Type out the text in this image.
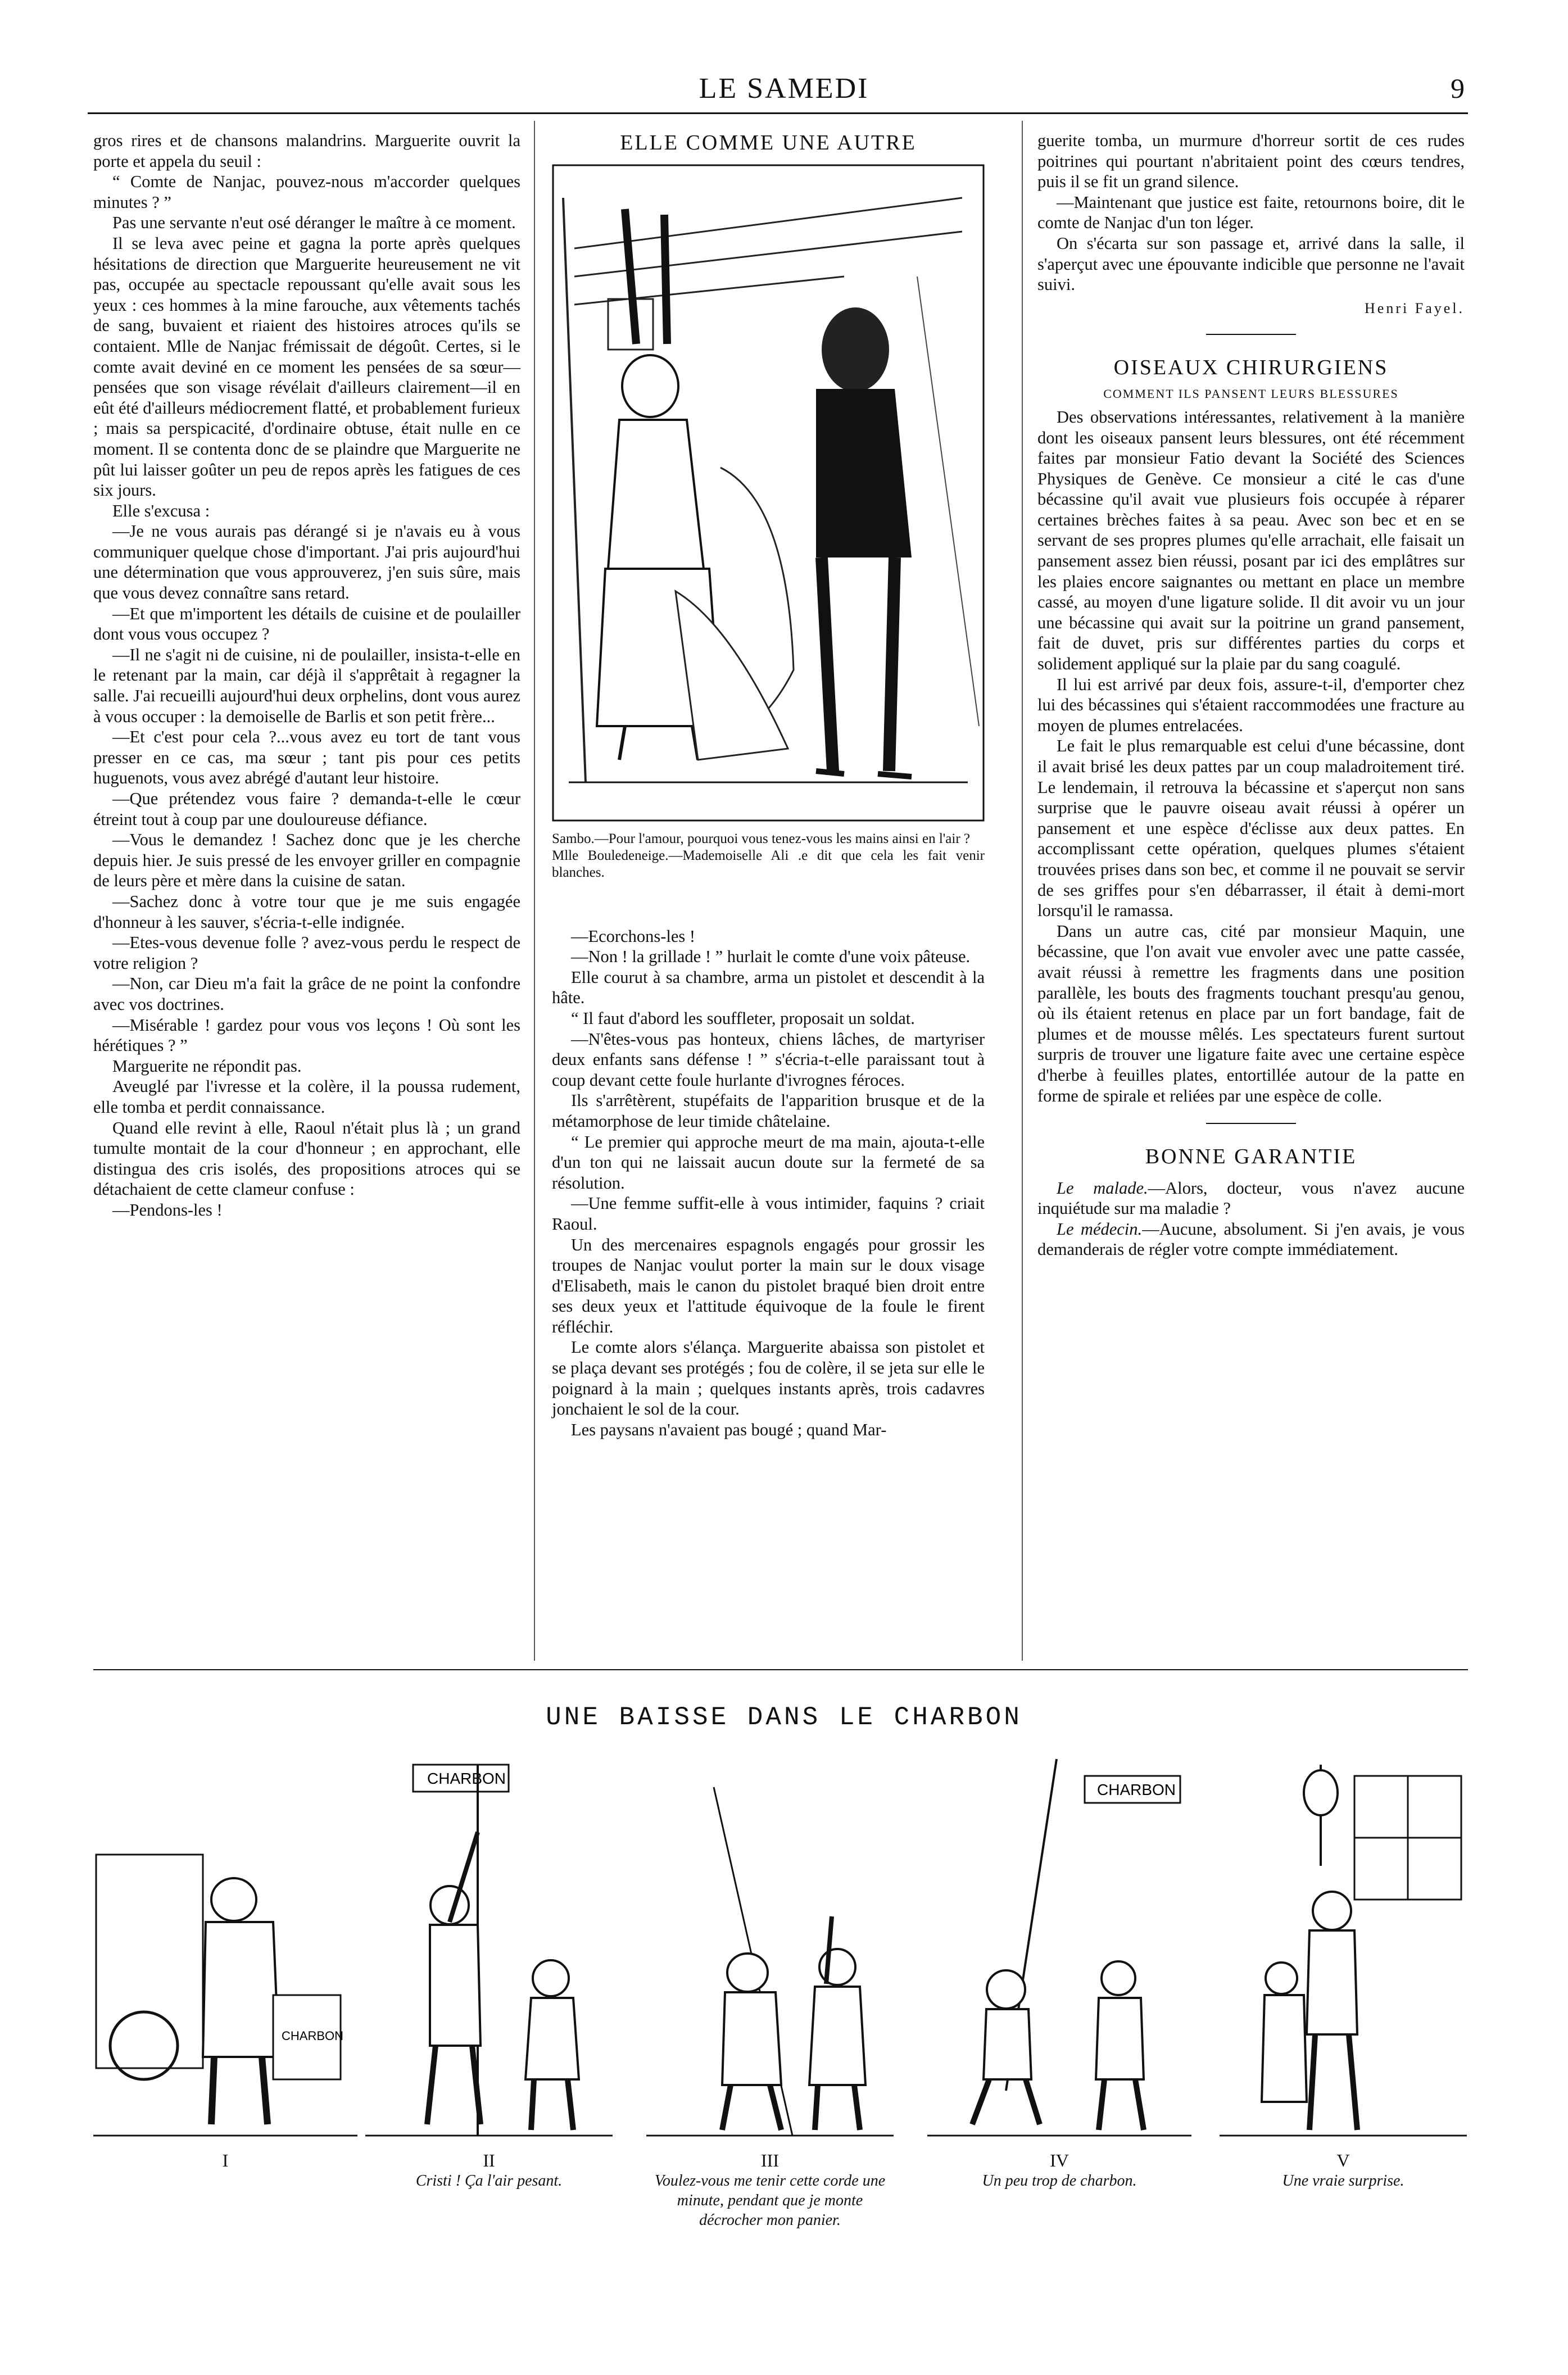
LE SAMEDI	9

gros rires et de chansons malandrins. Marguerite ouvrit la porte et appela du seuil :

“ Comte de Nanjac, pouvez-nous m'accorder quelques minutes ? ”

Pas une servante n'eut osé déranger le maître à ce moment.

Il se leva avec peine et gagna la porte après quelques hésitations de direction que Marguerite heureusement ne vit pas, occupée au spectacle repoussant qu'elle avait sous les yeux : ces hommes à la mine farouche, aux vêtements tachés de sang, buvaient et riaient des histoires atroces qu'ils se contaient. Mlle de Nanjac frémissait de dégoût. Certes, si le comte avait deviné en ce moment les pensées de sa sœur—pensées que son visage révélait d'ailleurs clairement—il en eût été d'ailleurs médiocrement flatté, et probablement furieux ; mais sa perspicacité, d'ordinaire obtuse, était nulle en ce moment. Il se contenta donc de se plaindre que Marguerite ne pût lui laisser goûter un peu de repos après les fatigues de ces six jours.

Elle s'excusa :

—Je ne vous aurais pas dérangé si je n'avais eu à vous communiquer quelque chose d'important. J'ai pris aujourd'hui une détermination que vous approuverez, j'en suis sûre, mais que vous devez connaître sans retard.

—Et que m'importent les détails de cuisine et de poulailler dont vous vous occupez ?

—Il ne s'agit ni de cuisine, ni de poulailler, insista-t-elle en le retenant par la main, car déjà il s'apprêtait à regagner la salle. J'ai recueilli aujourd'hui deux orphelins, dont vous aurez à vous occuper : la demoiselle de Barlis et son petit frère...

—Et c'est pour cela ?...vous avez eu tort de tant vous presser en ce cas, ma sœur ; tant pis pour ces petits huguenots, vous avez abrégé d'autant leur histoire.

—Que prétendez vous faire ? demanda-t-elle le cœur étreint tout à coup par une douloureuse défiance.

—Vous le demandez ! Sachez donc que je les cherche depuis hier. Je suis pressé de les envoyer griller en compagnie de leurs père et mère dans la cuisine de satan.

—Sachez donc à votre tour que je me suis engagée d'honneur à les sauver, s'écria-t-elle indignée.

—Etes-vous devenue folle ? avez-vous perdu le respect de votre religion ?

—Non, car Dieu m'a fait la grâce de ne point la confondre avec vos doctrines.

—Misérable ! gardez pour vous vos leçons ! Où sont les hérétiques ? ”

Marguerite ne répondit pas.

Aveuglé par l'ivresse et la colère, il la poussa rudement, elle tomba et perdit connaissance.

Quand elle revint à elle, Raoul n'était plus là ; un grand tumulte montait de la cour d'honneur ; en approchant, elle distingua des cris isolés, des propositions atroces qui se détachaient de cette clameur confuse :

—Pendons-les !

ELLE COMME UNE AUTRE

Sambo.—Pour l'amour, pourquoi vous tenez-vous les mains ainsi en l'air ?

Mlle Bouledeneige.—Mademoiselle Ali .e dit que cela les fait venir blanches.

—Ecorchons-les !

—Non ! la grillade ! ” hurlait le comte d'une voix pâteuse.

Elle courut à sa chambre, arma un pistolet et descendit à la hâte.

“ Il faut d'abord les souffleter, proposait un soldat.

—N'êtes-vous pas honteux, chiens lâches, de martyriser deux enfants sans défense ! ” s'écria-t-elle paraissant tout à coup devant cette foule hurlante d'ivrognes féroces.

Ils s'arrêtèrent, stupéfaits de l'apparition brusque et de la métamorphose de leur timide châtelaine.

“ Le premier qui approche meurt de ma main, ajouta-t-elle d'un ton qui ne laissait aucun doute sur la fermeté de sa résolution.

—Une femme suffit-elle à vous intimider, faquins ? criait Raoul.

Un des mercenaires espagnols engagés pour grossir les troupes de Nanjac voulut porter la main sur le doux visage d'Elisabeth, mais le canon du pistolet braqué bien droit entre ses deux yeux et l'attitude équivoque de la foule le firent réfléchir.

Le comte alors s'élança. Marguerite abaissa son pistolet et se plaça devant ses protégés ; fou de colère, il se jeta sur elle le poignard à la main ; quelques instants après, trois cadavres jonchaient le sol de la cour.

Les paysans n'avaient pas bougé ; quand Mar-

guerite tomba, un murmure d'horreur sortit de ces rudes poitrines qui pourtant n'abritaient point des cœurs tendres, puis il se fit un grand silence.

—Maintenant que justice est faite, retournons boire, dit le comte de Nanjac d'un ton léger.

On s'écarta sur son passage et, arrivé dans la salle, il s'aperçut avec une épouvante indicible que personne ne l'avait suivi.

Henri Fayel.
OISEAUX CHIRURGIENS
COMMENT ILS PANSENT LEURS BLESSURES

Des observations intéressantes, relativement à la manière dont les oiseaux pansent leurs blessures, ont été récemment faites par monsieur Fatio devant la Société des Sciences Physiques de Genève. Ce monsieur a cité le cas d'une bécassine qu'il avait vue plusieurs fois occupée à réparer certaines brèches faites à sa peau. Avec son bec et en se servant de ses propres plumes qu'elle arrachait, elle faisait un pansement assez bien réussi, posant par ici des emplâtres sur les plaies encore saignantes ou mettant en place un membre cassé, au moyen d'une ligature solide. Il dit avoir vu un jour une bécassine qui avait sur la poitrine un grand pansement, fait de duvet, pris sur différentes parties du corps et solidement appliqué sur la plaie par du sang coagulé.

Il lui est arrivé par deux fois, assure-t-il, d'emporter chez lui des bécassines qui s'étaient raccommodées une fracture au moyen de plumes entrelacées.

Le fait le plus remarquable est celui d'une bécassine, dont il avait brisé les deux pattes par un coup maladroitement tiré. Le lendemain, il retrouva la bécassine et s'aperçut non sans surprise que le pauvre oiseau avait réussi à opérer un pansement et une espèce d'éclisse aux deux pattes. En accomplissant cette opération, quelques plumes s'étaient trouvées prises dans son bec, et comme il ne pouvait se servir de ses griffes pour s'en débarrasser, il était à demi-mort lorsqu'il le ramassa.

Dans un autre cas, cité par monsieur Maquin, une bécassine, que l'on avait vue envoler avec une patte cassée, avait réussi à remettre les fragments dans une position parallèle, les bouts des fragments touchant presqu'au genou, où ils étaient retenus en place par un fort bandage, fait de plumes et de mousse mêlés. Les spectateurs furent surtout surpris de trouver une ligature faite avec une certaine espèce d'herbe à feuilles plates, entortillée autour de la patte en forme de spirale et reliées par une espèce de colle.

BONNE GARANTIE

Le malade.—Alors, docteur, vous n'avez aucune inquiétude sur ma maladie ?

Le médecin.—Aucune, absolument. Si j'en avais, je vous demanderais de régler votre compte immédiatement.

UNE BAISSE DANS LE CHARBON
CHARBON
I
CHARBON
II
Cristi ! Ça l'air pesant.
III
Voulez-vous me tenir cette corde une minute, pendant que je monte décrocher mon panier.
CHARBON
IV
Un peu trop de charbon.
V
Une vraie surprise.
